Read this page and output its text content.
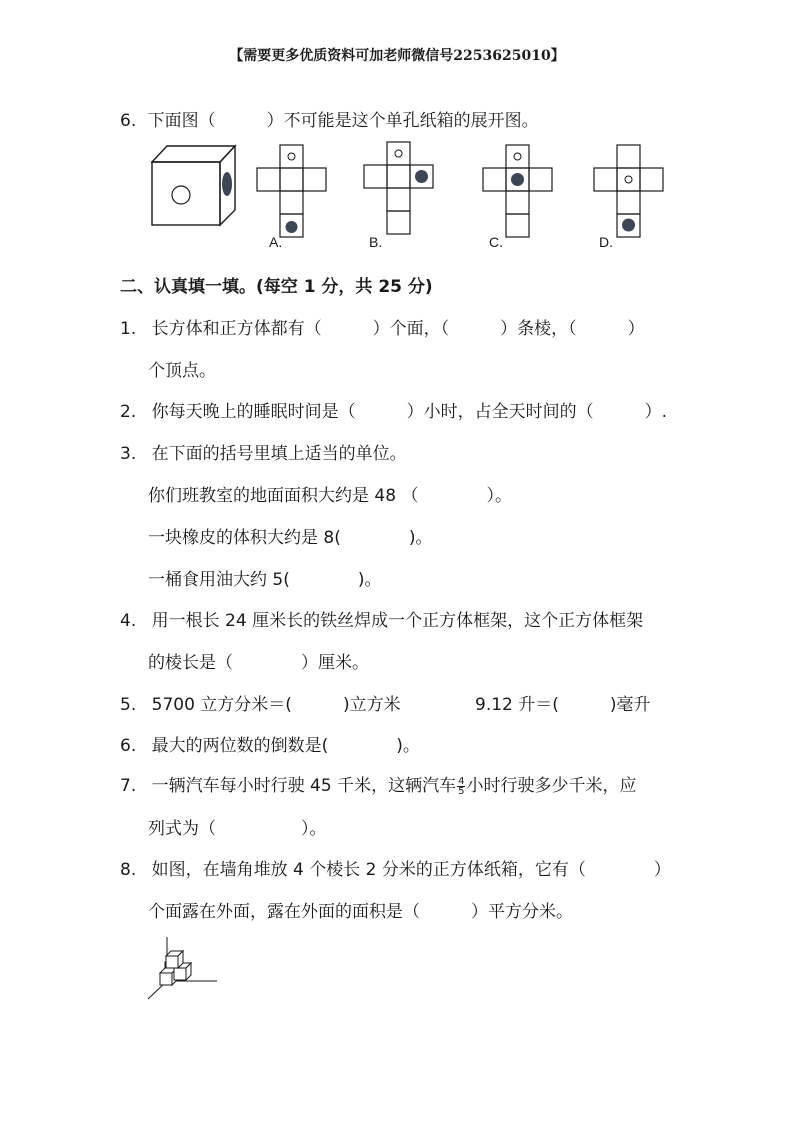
【需要更多优质资料可加老师微信号2253625010】
6. 下面图（　　　）不可能是这个单孔纸箱的展开图。
A.	B.	C.	D.
二、认真填一填。(每空 1 分，共 25 分)
1. 长方体和正方体都有（　　　）个面，（　　　）条棱，（　　　）
个顶点。
2. 你每天晚上的睡眠时间是（　　　）小时，占全天时间的（　　　）.
3. 在下面的括号里填上适当的单位。
你们班教室的地面面积大约是 48 （　　　　）。
一块橡皮的体积大约是 8(　　　　)。
一桶食用油大约 5(　　　　)。
4. 用一根长 24 厘米长的铁丝焊成一个正方体框架，这个正方体框架
的棱长是（　　　　）厘米。
5. 5700 立方分米＝(　　　)立方米	9.12 升＝(　　　)毫升
6. 最大的两位数的倒数是(　　　　)。
7. 一辆汽车每小时行驶 45 千米，这辆汽车 $\frac{4}{5}$ 小时行驶多少千米，应
列式为（　　　　　）。
8. 如图，在墙角堆放 4 个棱长 2 分米的正方体纸箱，它有（　　　　）
个面露在外面，露在外面的面积是（　　　）平方分米。
